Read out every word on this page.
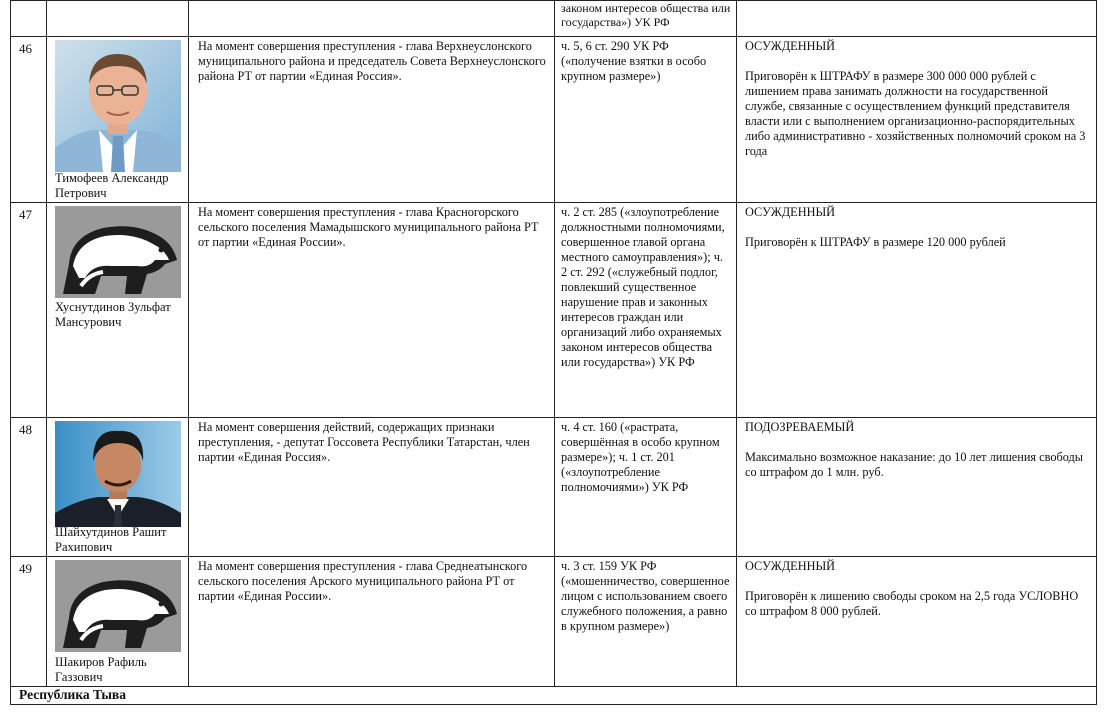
			законом интересов общества или государства») УК РФ	
46	Тимофеев Александр Петрович	На момент совершения преступления - глава Верхнеуслонского муниципального района и председатель Совета Верхнеуслонского района РТ от партии «Единая Россия».	ч. 5, 6 ст. 290 УК РФ («получение взятки в особо крупном размере»)	ОСУЖДЕННЫЙ
Приговорён к ШТРАФУ в размере 300 000 000 рублей с лишением права занимать должности на государственной службе, связанные с осуществлением функций представителя власти или с выполнением организационно-распорядительных либо административно - хозяйственных полномочий сроком на 3 года
47	Хуснутдинов Зульфат Мансурович	На момент совершения преступления - глава Красногорского сельского поселения Мамадышского муниципального района РТ от партии «Единая России».	ч. 2 ст. 285 («злоупотребление должностными полномочиями, совершенное главой органа местного самоуправления»); ч. 2 ст. 292 («служебный подлог, повлекший существенное нарушение прав и законных интересов граждан или организаций либо охраняемых законом интересов общества или государства») УК РФ	ОСУЖДЕННЫЙ
Приговорён к ШТРАФУ в размере 120 000 рублей
48	Шайхутдинов Рашит Рахипович	На момент совершения действий, содержащих признаки преступления, - депутат Госсовета Республики Татарстан, член партии «Единая Россия».	ч. 4 ст. 160 («растрата, совершённая в особо крупном размере»); ч. 1 ст. 201 («злоупотребление полномочиями») УК РФ	ПОДОЗРЕВАЕМЫЙ
Максимально возможное наказание: до 10 лет лишения свободы со штрафом до 1 млн. руб.
49	Шакиров Рафиль Газзович	На момент совершения преступления - глава Среднеатынского сельского поселения Арского муниципального района РТ от партии «Единая России».	ч. 3 ст. 159 УК РФ («мошенничество, совершенное лицом с использованием своего служебного положения, а равно в крупном размере»)	ОСУЖДЕННЫЙ
Приговорён к лишению свободы сроком на 2,5 года УСЛОВНО со штрафом 8 000 рублей.
Республика Тыва				
